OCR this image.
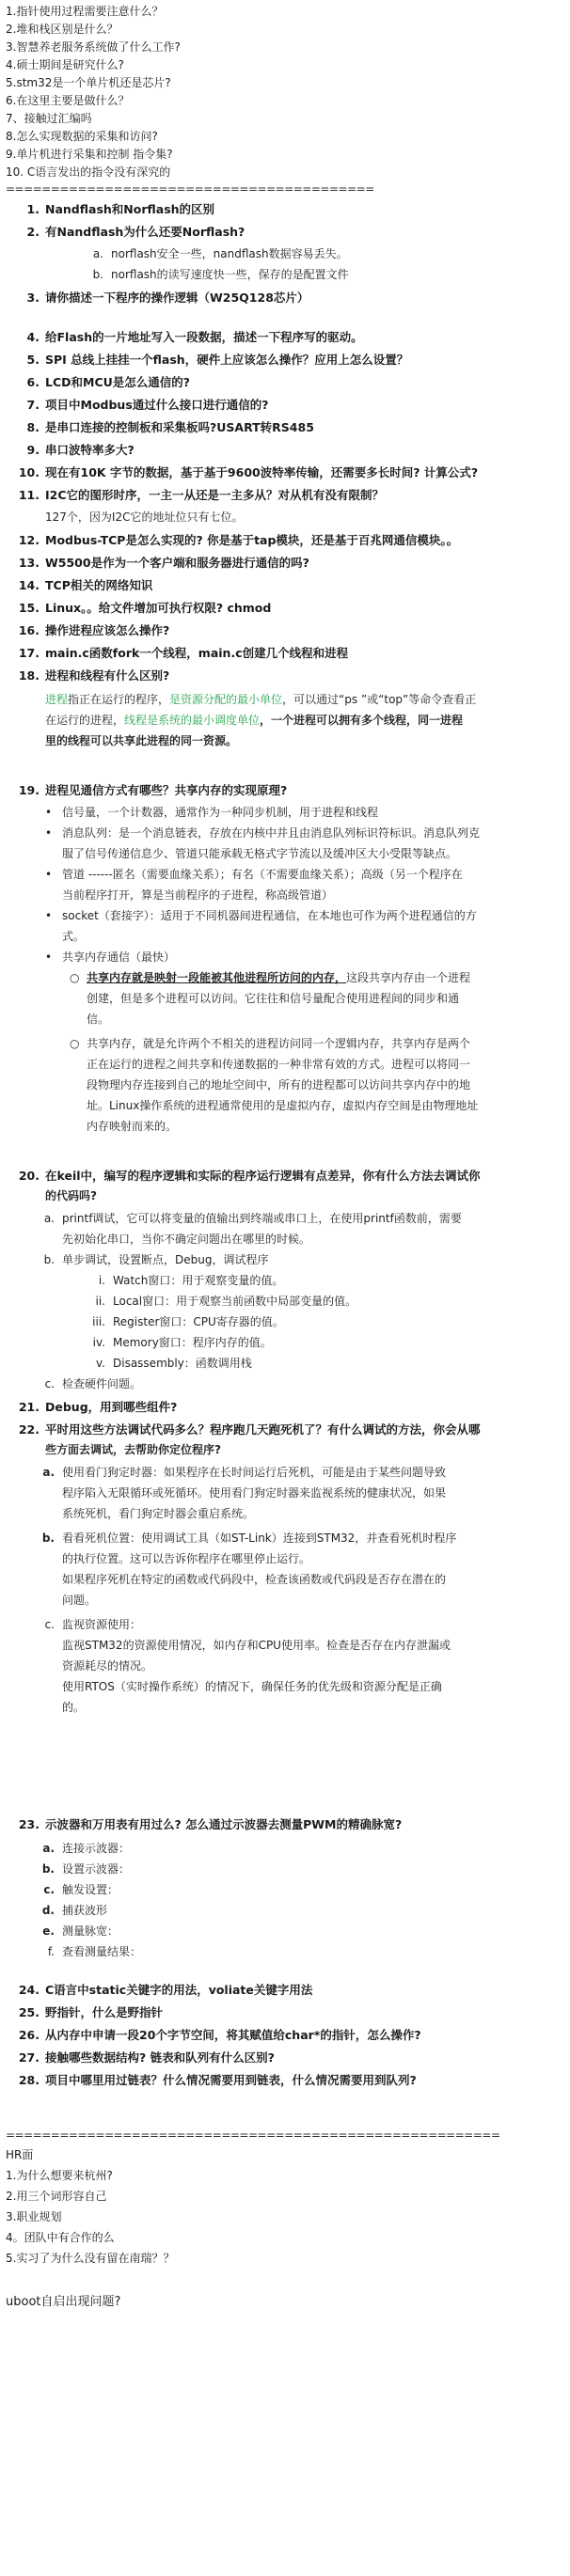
1.指针使用过程需要注意什么？
2.堆和栈区别是什么？
3.智慧养老服务系统做了什么工作?
4.硕士期间是研究什么?
5.stm32是一个单片机还是芯片?
6.在这里主要是做什么？
7、接触过汇编吗
8.怎么实现数据的采集和访问?
9.单片机进行采集和控制 指令集?
10. C语言发出的指令没有深究的
=========================================
1. Nandflash和Norflash的区别
2. 有Nandflash为什么还要Norflash?
a. norflash安全一些，nandflash数据容易丢失。
b. norflash的读写速度快一些，保存的是配置文件
3. 请你描述一下程序的操作逻辑（W25Q128芯片）
4. 给Flash的一片地址写入一段数据，描述一下程序写的驱动。
5. SPI 总线上挂挂一个flash，硬件上应该怎么操作？应用上怎么设置？
6. LCD和MCU是怎么通信的?
7. 项目中Modbus通过什么接口进行通信的?
8. 是串口连接的控制板和采集板吗?USART转RS485
9. 串口波特率多大?
10. 现在有10K 字节的数据，基于基于9600波特率传输，还需要多长时间? 计算公式?
11. I2C它的图形时序，一主一从还是一主多从？对从机有没有限制？
127个，因为I2C它的地址位只有七位。
12. Modbus-TCP是怎么实现的? 你是基于tap模块，还是基于百兆网通信模块。。
13. W5500是作为一个客户端和服务器进行通信的吗?
14. TCP相关的网络知识
15. Linux。。给文件增加可执行权限? chmod
16. 操作进程应该怎么操作?
17. main.c函数fork一个线程，main.c创建几个线程和进程
18. 进程和线程有什么区别?
进程指正在运行的程序，是资源分配的最小单位，可以通过“ps ”或“top”等命令查看正
在运行的进程，线程是系统的最小调度单位，一个进程可以拥有多个线程，同一进程
里的线程可以共享此进程的同一资源。
19. 进程见通信方式有哪些？共享内存的实现原理?
• 信号量，一个计数器，通常作为一种同步机制，用于进程和线程
• 消息队列：是一个消息链表，存放在内核中并且由消息队列标识符标识。消息队列克
服了信号传递信息少、管道只能承载无格式字节流以及缓冲区大小受限等缺点。
• 管道 ------匿名（需要血缘关系）；有名（不需要血缘关系）；高级（另一个程序在
当前程序打开，算是当前程序的子进程，称高级管道）
• socket（套接字）：适用于不同机器间进程通信，在本地也可作为两个进程通信的方
式。
• 共享内存通信（最快）
○ 共享内存就是映射一段能被其他进程所访问的内存，这段共享内存由一个进程
创建，但是多个进程可以访问。它往往和信号量配合使用进程间的同步和通
信。
○ 共享内存，就是允许两个不相关的进程访问同一个逻辑内存，共享内存是两个
正在运行的进程之间共享和传递数据的一种非常有效的方式。进程可以将同一
段物理内存连接到自己的地址空间中，所有的进程都可以访问共享内存中的地
址。Linux操作系统的进程通常使用的是虚拟内存，虚拟内存空间是由物理地址
内存映射而来的。
20. 在keil中，编写的程序逻辑和实际的程序运行逻辑有点差异，你有什么方法去调试你
的代码吗?
a. printf调试，它可以将变量的值输出到终端或串口上，在使用printf函数前，需要
先初始化串口，当你不确定问题出在哪里的时候。
b. 单步调试，设置断点，Debug，调试程序
i. Watch窗口：用于观察变量的值。
ii. Local窗口：用于观察当前函数中局部变量的值。
iii. Register窗口：CPU寄存器的值。
iv. Memory窗口：程序内存的值。
v. Disassembly：函数调用栈
c. 检查硬件问题。
21. Debug，用到哪些组件?
22. 平时用这些方法调试代码多么？程序跑几天跑死机了？有什么调试的方法，你会从哪
些方面去调试，去帮助你定位程序?
a. 使用看门狗定时器：如果程序在长时间运行后死机，可能是由于某些问题导致
程序陷入无限循环或死循环。使用看门狗定时器来监视系统的健康状况，如果
系统死机，看门狗定时器会重启系统。
b. 看看死机位置：使用调试工具（如ST-Link）连接到STM32，并查看死机时程序
的执行位置。这可以告诉你程序在哪里停止运行。
如果程序死机在特定的函数或代码段中，检查该函数或代码段是否存在潜在的
问题。
c. 监视资源使用：
监视STM32的资源使用情况，如内存和CPU使用率。检查是否存在内存泄漏或
资源耗尽的情况。
使用RTOS（实时操作系统）的情况下，确保任务的优先级和资源分配是正确
的。
23. 示波器和万用表有用过么? 怎么通过示波器去测量PWM的精确脉宽?
a. 连接示波器：
b. 设置示波器：
c. 触发设置：
d. 捕获波形
e. 测量脉宽：
f. 查看测量结果：
24. C语言中static关键字的用法，voliate关键字用法
25. 野指针，什么是野指针
26. 从内存中申请一段20个字节空间，将其赋值给char*的指针，怎么操作?
27. 接触哪些数据结构? 链表和队列有什么区别?
28. 项目中哪里用过链表？什么情况需要用到链表，什么情况需要用到队列?
=======================================================
HR面
1.为什么想要来杭州?
2.用三个词形容自己
3.职业规划
4。团队中有合作的么
5.实习了为什么没有留在南瑞？？
uboot自启出现问题?
